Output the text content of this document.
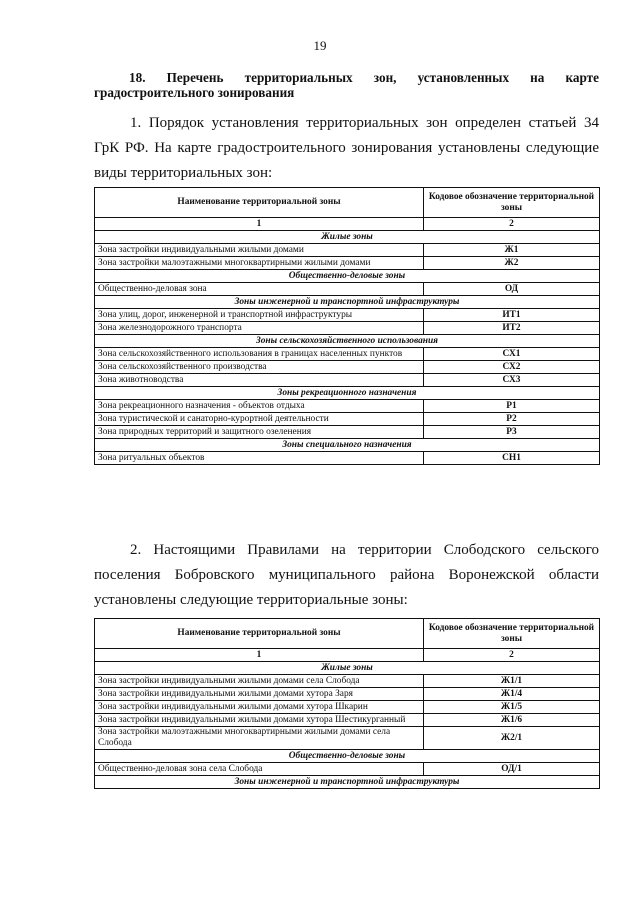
19
18. Перечень территориальных зон, установленных на карте
градостроительного зонирования
1. Порядок установления территориальных зон определен статьей 34
ГрК РФ. На карте градостроительного зонирования установлены следующие
виды территориальных зон:
Наименование территориальной зоны	Кодовое обозначение территориальной зоны
1	2
Жилые зоны	
Зона застройки индивидуальными жилыми домами	Ж1
Зона застройки малоэтажными многоквартирными жилыми домами	Ж2
Общественно-деловые зоны	
Общественно-деловая зона	ОД
Зоны инженерной и транспортной инфраструктуры	
Зона улиц, дорог, инженерной и транспортной инфраструктуры	ИТ1
Зона железнодорожного транспорта	ИТ2
Зоны сельскохозяйственного использования	
Зона сельскохозяйственного использования в границах населенных пунктов	СХ1
Зона сельскохозяйственного производства	СХ2
Зона животноводства	СХ3
Зоны рекреационного назначения	
Зона рекреационного назначения - объектов отдыха	Р1
Зона туристической и санаторно-курортной деятельности	Р2
Зона природных территорий и защитного озеленения	Р3
Зоны специального назначения	
Зона ритуальных объектов	СН1
2. Настоящими Правилами на территории Слободского сельского
поселения Бобровского муниципального района Воронежской области
установлены следующие территориальные зоны:
Наименование территориальной зоны	Кодовое обозначение территориальной зоны
1	2
Жилые зоны	
Зона застройки индивидуальными жилыми домами села Слобода	Ж1/1
Зона застройки индивидуальными жилыми домами хутора Заря	Ж1/4
Зона застройки индивидуальными жилыми домами хутора Шкарин	Ж1/5
Зона застройки индивидуальными жилыми домами хутора Шестикурганный	Ж1/6
Зона застройки малоэтажными многоквартирными жилыми домами села Слобода	Ж2/1
Общественно-деловые зоны	
Общественно-деловая зона села Слобода	ОД/1
Зоны инженерной и транспортной инфраструктуры	
